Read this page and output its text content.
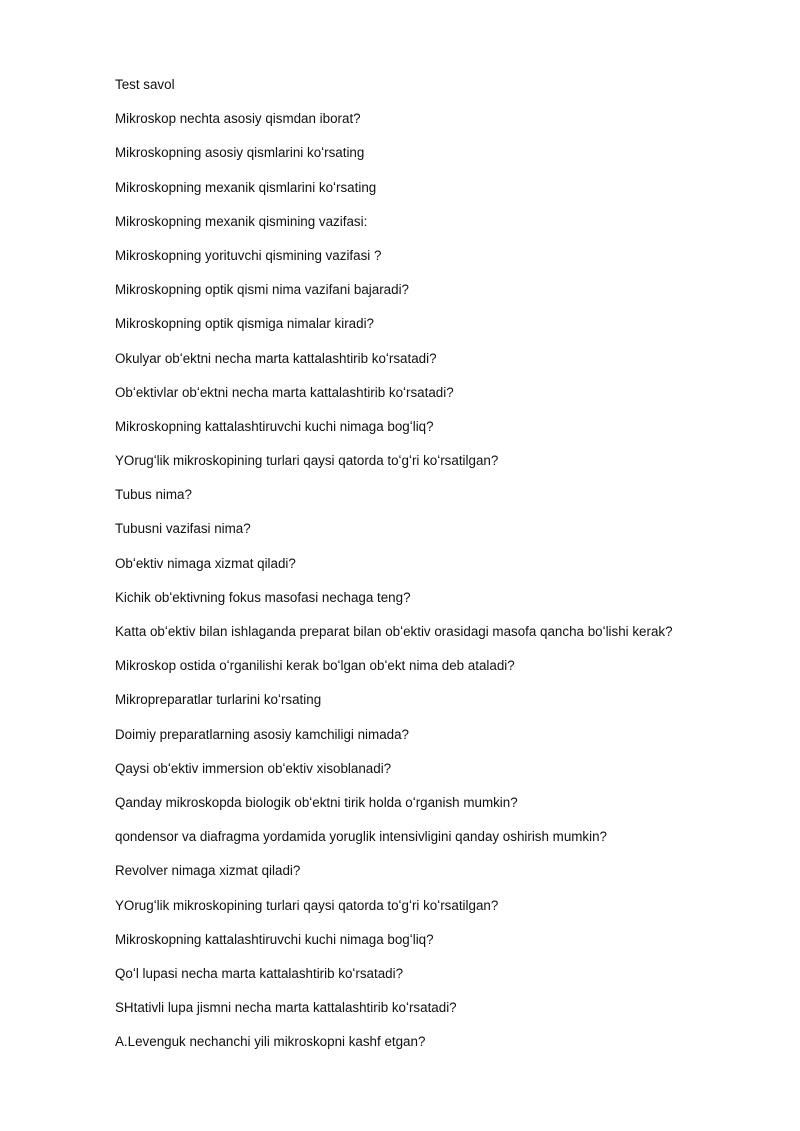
Test savol
Mikroskop nechta asosiy qismdan iborat?
Mikroskopning asosiy qismlarini koʻrsating
Mikroskopning mexanik qismlarini koʻrsating
Mikroskopning mexanik qismining vazifasi:
Mikroskopning yorituvchi qismining vazifasi ?
Mikroskopning optik qismi nima vazifani bajaradi?
Mikroskopning optik qismiga nimalar kiradi?
Okulyar obʻektni necha marta kattalashtirib koʻrsatadi?
Obʻektivlar obʻektni necha marta kattalashtirib koʻrsatadi?
Mikroskopning kattalashtiruvchi kuchi nimaga bogʻliq?
YOrugʻlik mikroskopining turlari qaysi qatorda toʻgʻri koʻrsatilgan?
Tubus nima?
Tubusni vazifasi nima?
Obʻektiv nimaga xizmat qiladi?
Kichik obʻektivning fokus masofasi nechaga teng?
Katta obʻektiv bilan ishlaganda preparat bilan obʻektiv orasidagi masofa qancha boʻlishi kerak?
Mikroskop ostida oʻrganilishi kerak boʻlgan obʻekt nima deb ataladi?
Mikropreparatlar turlarini koʻrsating
Doimiy preparatlarning asosiy kamchiligi nimada?
Qaysi obʻektiv immersion obʻektiv xisoblanadi?
Qanday mikroskopda biologik obʻektni tirik holda oʻrganish mumkin?
qondensor va diafragma yordamida yoruglik intensivligini qanday oshirish mumkin?
Revolver nimaga xizmat qiladi?
YOrugʻlik mikroskopining turlari qaysi qatorda toʻgʻri koʻrsatilgan?
Mikroskopning kattalashtiruvchi kuchi nimaga bogʻliq?
Qoʻl lupasi necha marta kattalashtirib koʻrsatadi?
SHtativli lupa jismni necha marta kattalashtirib koʻrsatadi?
A.Levenguk nechanchi yili mikroskopni kashf etgan?
